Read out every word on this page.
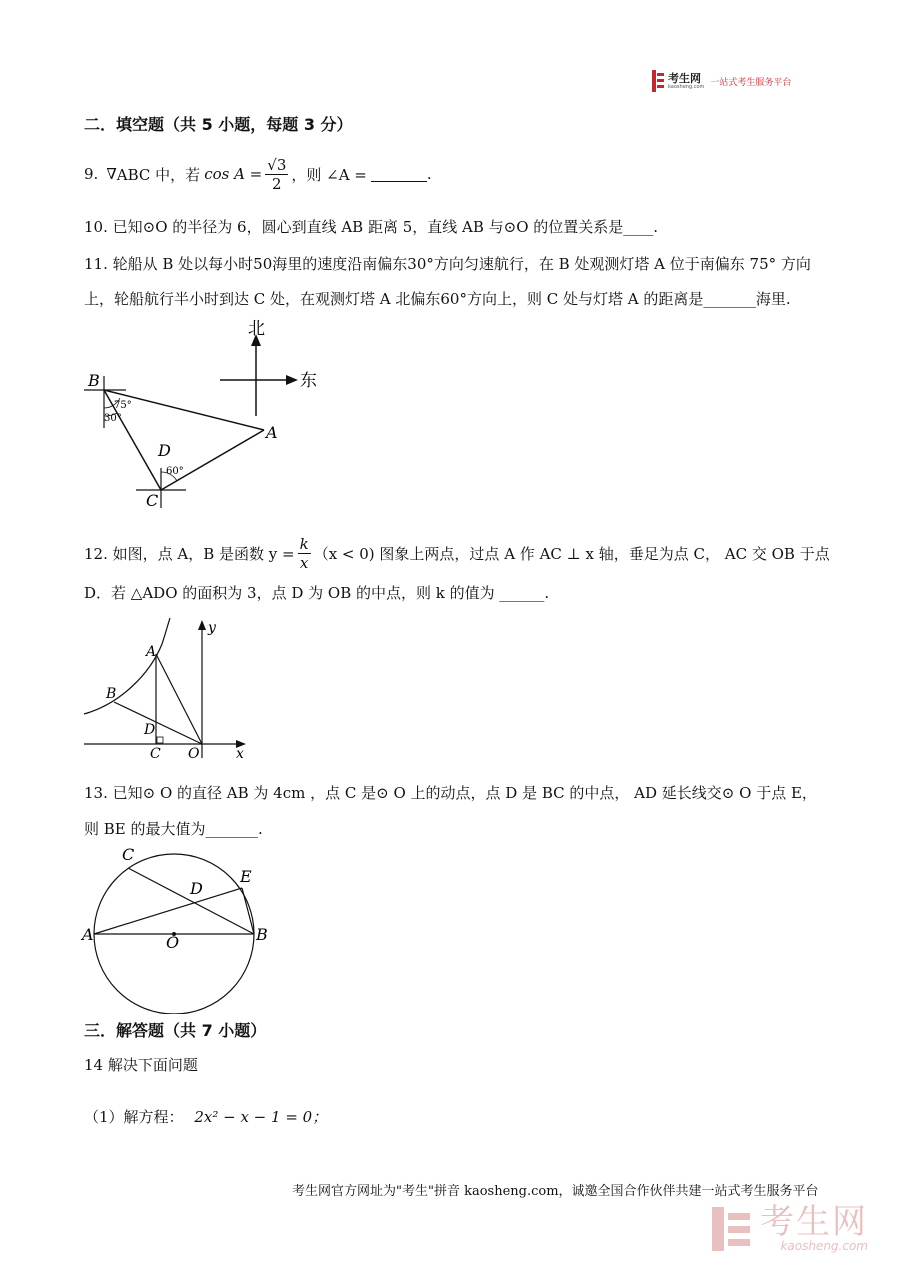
考生网
kaosheng.com 一站式考生服务平台
二．填空题（共 5 小题，每题 3 分）
9. ∇ ABC 中，若 $\cos A = \frac{√3}{2}$ ，则 ∠A =	.
10. 已知⊙O 的半径为 6，圆心到直线 AB 距离 5，直线 AB 与⊙O 的位置关系是____.
11. 轮船从 B 处以每小时50海里的速度沿南偏东30°方向匀速航行，在 B 处观测灯塔 A 位于南偏东 75° 方向
上，轮船航行半小时到达 C 处，在观测灯塔 A 北偏东60°方向上，则 C 处与灯塔 A 的距离是_______海里.
北
东
B
A
C
D
75°
30°
60°
12. 如图，点 A，B 是函数 $y = \frac{k}{x} (x < 0)$ 图象上两点，过点 A 作 AC ⊥ x 轴，垂足为点 C， AC 交 OB 于点
D．若 △ADO 的面积为 3，点 D 为 OB 的中点，则 k 的值为 ______.
y
x
A
B
D
C O
13. 已知⊙ O 的直径 AB 为 4cm ，点 C 是⊙ O 上的动点，点 D 是 BC 的中点， AD 延长线交⊙ O 于点 E，
则 BE 的最大值为_______.
C
E
D
A	B
O
三．解答题（共 7 小题）
14 解决下面问题
（1）解方程： 2x² − x − 1 = 0；
考生网官方网址为"考生"拼音 kaosheng.com，诚邀全国合作伙伴共建一站式考生服务平台
考生网
kaosheng.com
